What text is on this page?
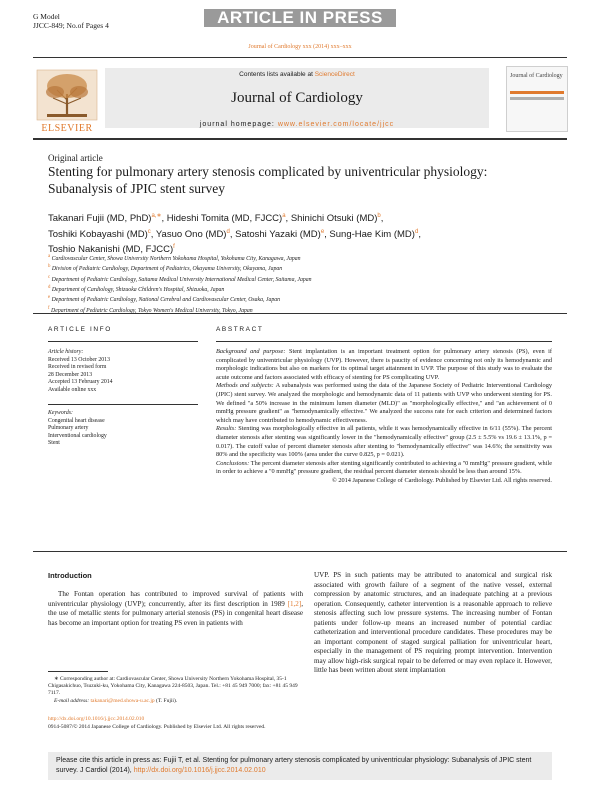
G Model
JJCC-849; No.of Pages 4	ARTICLE IN PRESS
Journal of Cardiology xxx (2014) xxx–xxx
ELSEVIER
Contents lists available at ScienceDirect
Journal of Cardiology
journal homepage: www.elsevier.com/locate/jjcc
Journal of Cardiology
Original article
Stenting for pulmonary artery stenosis complicated by univentricular physiology: Subanalysis of JPIC stent survey
Takanari Fujii (MD, PhD)$^{a,∗}$, Hideshi Tomita (MD, FJCC)$^a$, Shinichi Otsuki (MD)$^b$,
Toshiki Kobayashi (MD)$^c$, Yasuo Ono (MD)$^d$, Satoshi Yazaki (MD)$^e$, Sung-Hae Kim (MD)$^d$,
Toshio Nakanishi (MD, FJCC)$^f$
$^a$ Cardiovascular Center, Showa University Northern Yokohama Hospital, Yokohama City, Kanagawa, Japan
$^b$ Division of Pediatric Cardiology, Department of Pediatrics, Okayama University, Okayama, Japan
$^c$ Department of Pediatric Cardiology, Saitama Medical University International Medical Center, Saitama, Japan
$^d$ Department of Cardiology, Shizuoka Children's Hospital, Shizuoka, Japan
$^e$ Department of Pediatric Cardiology, National Cerebral and Cardiovascular Center, Osaka, Japan
$^f$ Department of Pediatric Cardiology, Tokyo Women's Medical University, Tokyo, Japan
ARTICLE INFO
Article history:
Received 13 October 2013
Received in revised form
28 December 2013
Accepted 13 February 2014
Available online xxx
Keywords:
Congenital heart disease
Pulmonary artery
Interventional cardiology
Stent
ABSTRACT
Background and purpose: Stent implantation is an important treatment option for pulmonary artery stenosis (PS), even if complicated by univentricular physiology (UVP). However, there is paucity of evidence concerning not only its hemodynamic and morphologic indications but also on markers for its optimal target attainment in UVP. The purpose of this study was to evaluate the acute outcome and factors associated with efficacy of stenting for PS complicating UVP.
Methods and subjects: A subanalysis was performed using the data of the Japanese Society of Pediatric Interventional Cardiology (JPIC) stent survey. We analyzed the morphologic and hemodynamic data of 11 patients with UVP who underwent stenting for PS. We defined "a 50% increase in the minimum lumen diameter (MLD)" as "morphologically effective," and "an achievement of 0 mmHg pressure gradient" as "hemodynamically effective." We analyzed the success rate for each criterion and determined factors which may have contributed to hemodynamic effectiveness.
Results: Stenting was morphologically effective in all patients, while it was hemodynamically effective in 6/11 (55%). The percent diameter stenosis after stenting was significantly lower in the "hemodynamically effective" group (2.5 ± 5.5% vs 19.6 ± 13.1%, p = 0.017). The cutoff value of percent diameter stenosis after stenting to "hemodynamically effective" was 14.6%; the sensitivity was 80% and the specificity was 100% (area under the curve 0.825, p = 0.021).
Conclusions: The percent diameter stenosis after stenting significantly contributed to achieving a "0 mmHg" pressure gradient, while in order to achieve a "0 mmHg" pressure gradient, the residual percent diameter stenosis should be less than around 15%.
© 2014 Japanese College of Cardiology. Published by Elsevier Ltd. All rights reserved.
Introduction
The Fontan operation has contributed to improved survival of patients with univentricular physiology (UVP); concurrently, after its first description in 1989 [1,2], the use of metallic stents for pulmonary arterial stenosis (PS) in congenital heart disease has become an important option for treating PS even in patients with
UVP. PS in such patients may be attributed to anatomical and surgical risk associated with growth failure of a segment of the native vessel, external compression by anatomic structures, and an inadequate patching at a previous operation. Consequently, catheter intervention is a reasonable approach to relieve stenosis affecting such low pressure systems. The increasing number of Fontan patients under follow-up means an increased number of potential cardiac catheterization and interventional procedure candidates. These procedures may be an important component of staged surgical palliation for univentricular heart, especially in the management of PS requiring prompt intervention. Intervention may allow high-risk surgical repair to be deferred or may even replace it. However, little has been written about stent implantation
∗ Corresponding author at: Cardiovascular Center, Showa University Northern Yokohama Hospital, 35-1 Chigasakichuo, Tsuzuki-ku, Yokohama City, Kanagawa 224-8503, Japan. Tel.: +81 45 949 7000; fax: +81 45 949 7117.
E-mail address: takanari@med.showa-u.ac.jp (T. Fujii).
http://dx.doi.org/10.1016/j.jjcc.2014.02.010
0914-5087/© 2014 Japanese College of Cardiology. Published by Elsevier Ltd. All rights reserved.
Please cite this article in press as: Fujii T, et al. Stenting for pulmonary artery stenosis complicated by univentricular physiology: Subanalysis of JPIC stent survey. J Cardiol (2014), http://dx.doi.org/10.1016/j.jjcc.2014.02.010
